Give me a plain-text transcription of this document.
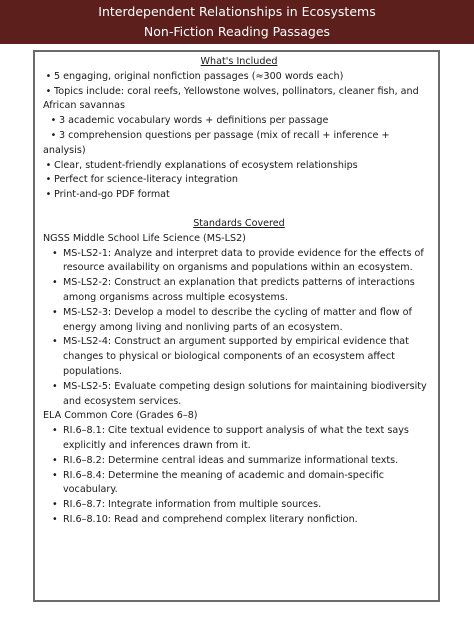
Interdependent Relationships in Ecosystems
Non-Fiction Reading Passages

What's Included

• 5 engaging, original nonfiction passages (≈300 words each)

• Topics include: coral reefs, Yellowstone wolves, pollinators, cleaner fish, and African savannas

• 3 academic vocabulary words + definitions per passage

• 3 comprehension questions per passage (mix of recall + inference + analysis)

• Clear, student-friendly explanations of ecosystem relationships

• Perfect for science-literacy integration

• Print-and-go PDF format

Standards Covered

NGSS Middle School Life Science (MS-LS2)

• MS-LS2-1: Analyze and interpret data to provide evidence for the effects of resource availability on organisms and populations within an ecosystem.

• MS-LS2-2: Construct an explanation that predicts patterns of interactions among organisms across multiple ecosystems.

• MS-LS2-3: Develop a model to describe the cycling of matter and flow of energy among living and nonliving parts of an ecosystem.

• MS-LS2-4: Construct an argument supported by empirical evidence that changes to physical or biological components of an ecosystem affect populations.

• MS-LS2-5: Evaluate competing design solutions for maintaining biodiversity and ecosystem services.

ELA Common Core (Grades 6–8)

• RI.6–8.1: Cite textual evidence to support analysis of what the text says explicitly and inferences drawn from it.

• RI.6–8.2: Determine central ideas and summarize informational texts.

• RI.6–8.4: Determine the meaning of academic and domain-specific vocabulary.

• RI.6–8.7: Integrate information from multiple sources.

• RI.6–8.10: Read and comprehend complex literary nonfiction.
